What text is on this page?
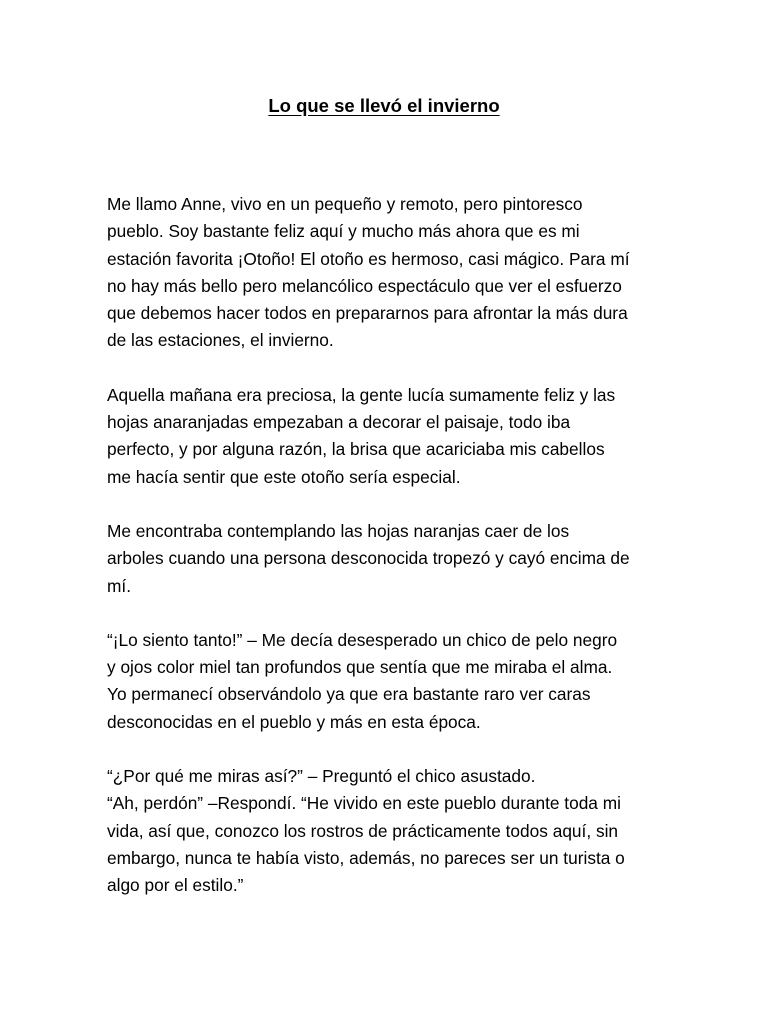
Lo que se llevó el invierno

Me llamo Anne, vivo en un pequeño y remoto, pero pintoresco
pueblo. Soy bastante feliz aquí y mucho más ahora que es mi
estación favorita ¡Otoño! El otoño es hermoso, casi mágico. Para mí
no hay más bello pero melancólico espectáculo que ver el esfuerzo
que debemos hacer todos en prepararnos para afrontar la más dura
de las estaciones, el invierno.

Aquella mañana era preciosa, la gente lucía sumamente feliz y las
hojas anaranjadas empezaban a decorar el paisaje, todo iba
perfecto, y por alguna razón, la brisa que acariciaba mis cabellos
me hacía sentir que este otoño sería especial.

Me encontraba contemplando las hojas naranjas caer de los
arboles cuando una persona desconocida tropezó y cayó encima de
mí.

“¡Lo siento tanto!” – Me decía desesperado un chico de pelo negro
y ojos color miel tan profundos que sentía que me miraba el alma.
Yo permanecí observándolo ya que era bastante raro ver caras
desconocidas en el pueblo y más en esta época.

“¿Por qué me miras así?” – Preguntó el chico asustado.
“Ah, perdón” –Respondí. “He vivido en este pueblo durante toda mi
vida, así que, conozco los rostros de prácticamente todos aquí, sin
embargo, nunca te había visto, además, no pareces ser un turista o
algo por el estilo.”
